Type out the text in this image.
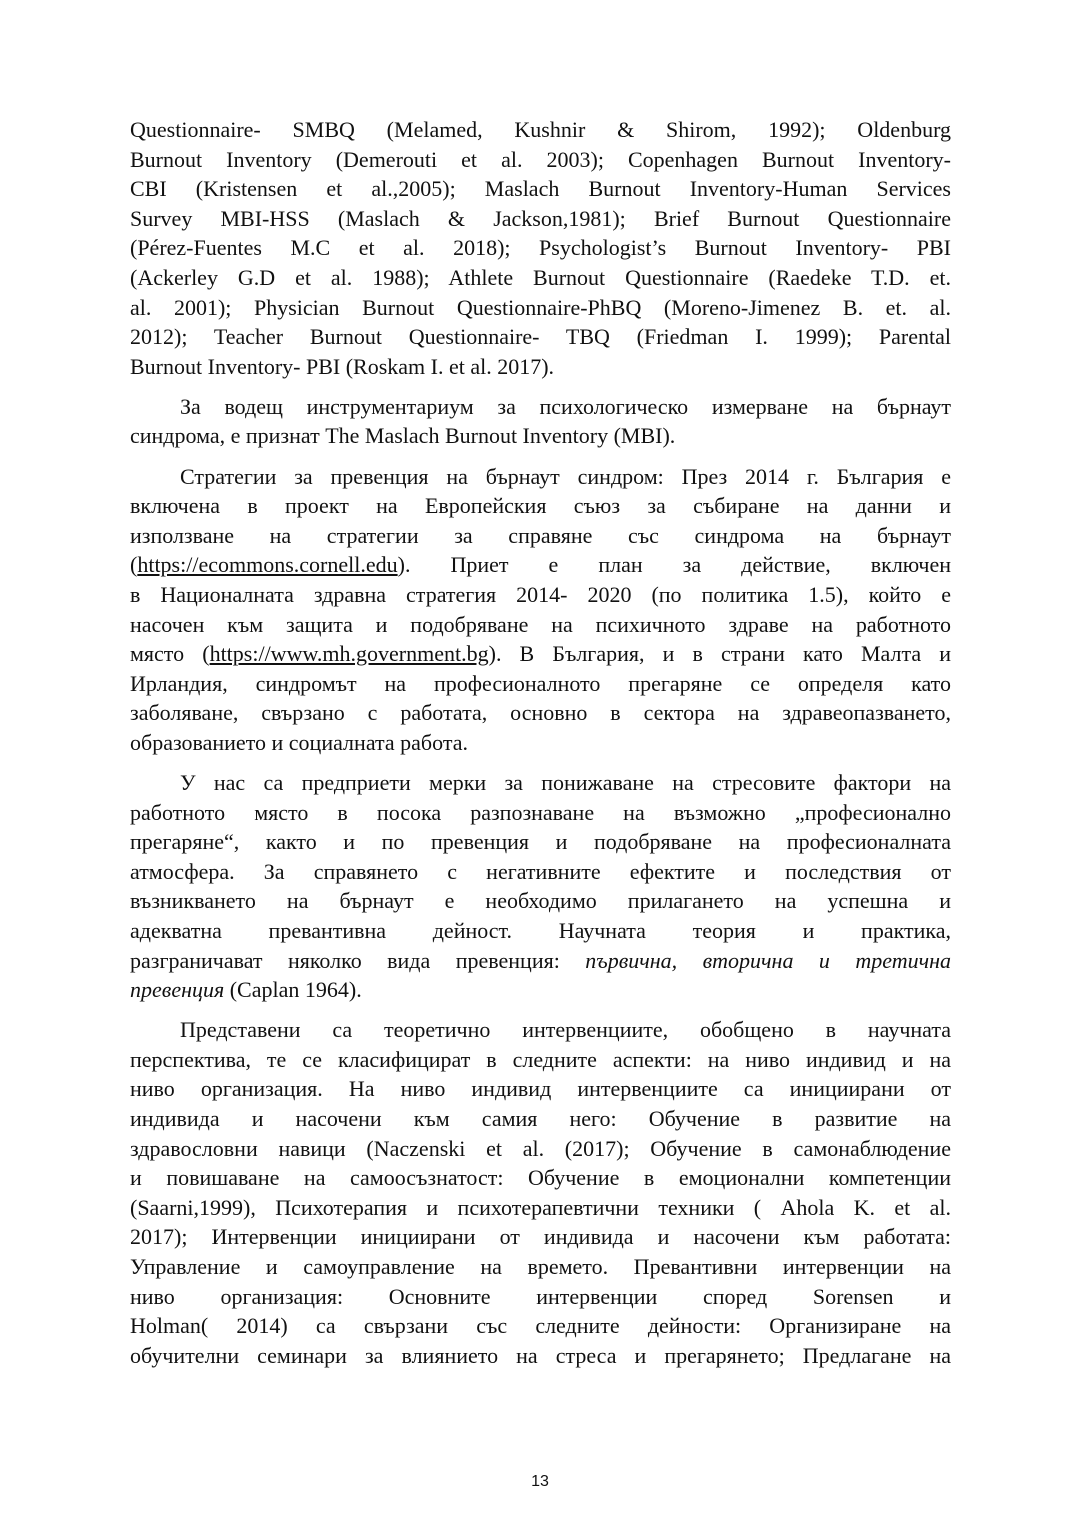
Questionnaire- SMBQ (Melamed, Kushnir & Shirom, 1992); Oldenburg
Burnout Inventory (Demerouti et al. 2003); Copenhagen Burnout Inventory-
CBI (Kristensen et al.,2005); Maslach Burnout Inventory-Human Services
Survey MBI-HSS (Maslach & Jackson,1981); Brief Burnout Questionnaire
(Pérez-Fuentes M.C et al. 2018); Psychologist’s Burnout Inventory- PBI
(Ackerley G.D et al. 1988); Athlete Burnout Questionnaire (Raedeke T.D. et.
al. 2001); Physician Burnout Questionnaire-PhBQ (Moreno-Jimenez B. et. al.
2012); Teacher Burnout Questionnaire- TBQ (Friedman I. 1999); Parental
Burnout Inventory- PBI (Roskam I. et al. 2017).
За водещ инструментариум за психологическо измерване на бърнаут
синдрома, е признат The Maslach Burnout Inventory (MBI).
Стратегии за превенция на бърнаут синдром: През 2014 г. България е
включена в проект на Европейския съюз за събиране на данни и
използване на стратегии за справяне със синдрома на бърнаут
(https://ecommons.cornell.edu). Приет е план за действие, включен
в Националната здравна стратегия 2014- 2020 (по политика 1.5), който е
насочен към защита и подобряване на психичното здраве на работното
място (https://www.mh.government.bg). В България, и в страни като Малта и
Ирландия, синдромът на професионалното прегаряне се определя като
заболяване, свързано с работата, основно в сектора на здравеопазването,
образованието и социалната работа.
У нас са предприети мерки за понижаване на стресовите фактори на
работното място в посока разпознаване на възможно „професионално
прегаряне“, както и по превенция и подобряване на професионалната
атмосфера. За справянето с негативните ефектите и последствия от
възникването на бърнаут е необходимо прилагането на успешна и
адекватна превантивна дейност. Научната теория и практика,
разграничават няколко вида превенция: първична, вторична и третична
превенция (Caplan 1964).
Представени са теоретично интервенциите, обобщено в научната
перспектива, те се класифицират в следните аспекти: на ниво индивид и на
ниво организация. На ниво индивид интервенциите са инициирани от
индивида и насочени към самия него: Обучение в развитие на
здравословни навици (Naczenski et al. (2017); Обучение в самонаблюдение
и повишаване на самоосъзнатост: Обучение в емоционални компетенции
(Saarni,1999), Психотерапия и психотерапевтични техники ( Ahola K. et al.
2017); Интервенции инициирани от индивида и насочени към работата:
Управление и самоуправление на времето. Превантивни интервенции на
ниво организация: Основните интервенции според Sorensen и
Holman( 2014) са свързани със следните дейности: Организиране на
обучителни семинари за влиянието на стреса и прегарянето; Предлагане на
13
